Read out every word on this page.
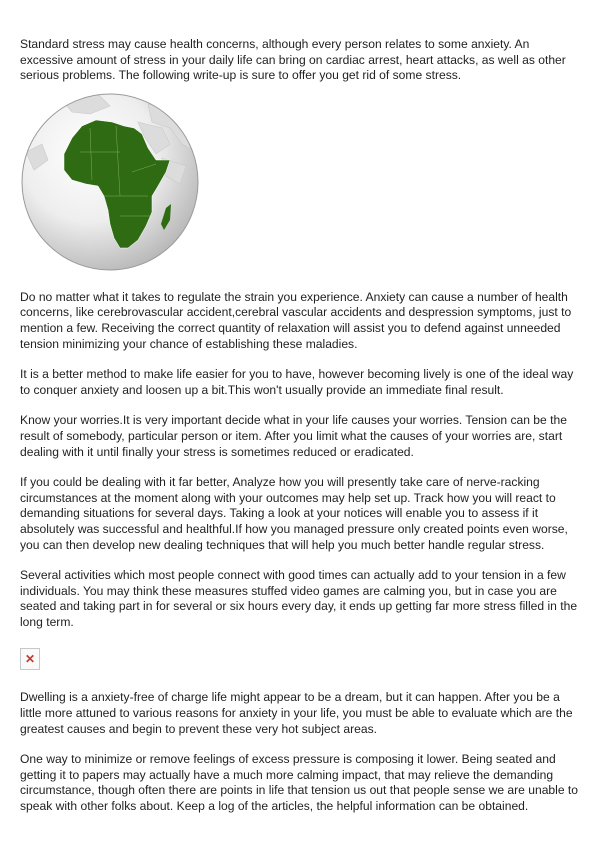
Standard stress may cause health concerns, although every person relates to some anxiety. An excessive amount of stress in your daily life can bring on cardiac arrest, heart attacks, as well as other serious problems. The following write-up is sure to offer you get rid of some stress.

Do no matter what it takes to regulate the strain you experience. Anxiety can cause a number of health concerns, like cerebrovascular accident,cerebral vascular accidents and despression symptoms, just to mention a few. Receiving the correct quantity of relaxation will assist you to defend against unneeded tension minimizing your chance of establishing these maladies.

It is a better method to make life easier for you to have, however becoming lively is one of the ideal way to conquer anxiety and loosen up a bit.This won't usually provide an immediate final result.

Know your worries.It is very important decide what in your life causes your worries. Tension can be the result of somebody, particular person or item. After you limit what the causes of your worries are, start dealing with it until finally your stress is sometimes reduced or eradicated.

If you could be dealing with it far better, Analyze how you will presently take care of nerve-racking circumstances at the moment along with your outcomes may help set up. Track how you will react to demanding situations for several days. Taking a look at your notices will enable you to assess if it absolutely was successful and healthful.If how you managed pressure only created points even worse, you can then develop new dealing techniques that will help you much better handle regular stress.

Several activities which most people connect with good times can actually add to your tension in a few individuals. You may think these measures stuffed video games are calming you, but in case you are seated and taking part in for several or six hours every day, it ends up getting far more stress filled in the long term.

✕

Dwelling is a anxiety-free of charge life might appear to be a dream, but it can happen. After you be a little more attuned to various reasons for anxiety in your life, you must be able to evaluate which are the greatest causes and begin to prevent these very hot subject areas.

One way to minimize or remove feelings of excess pressure is composing it lower. Being seated and getting it to papers may actually have a much more calming impact, that may relieve the demanding circumstance, though often there are points in life that tension us out that people sense we are unable to speak with other folks about. Keep a log of the articles, the helpful information can be obtained.
